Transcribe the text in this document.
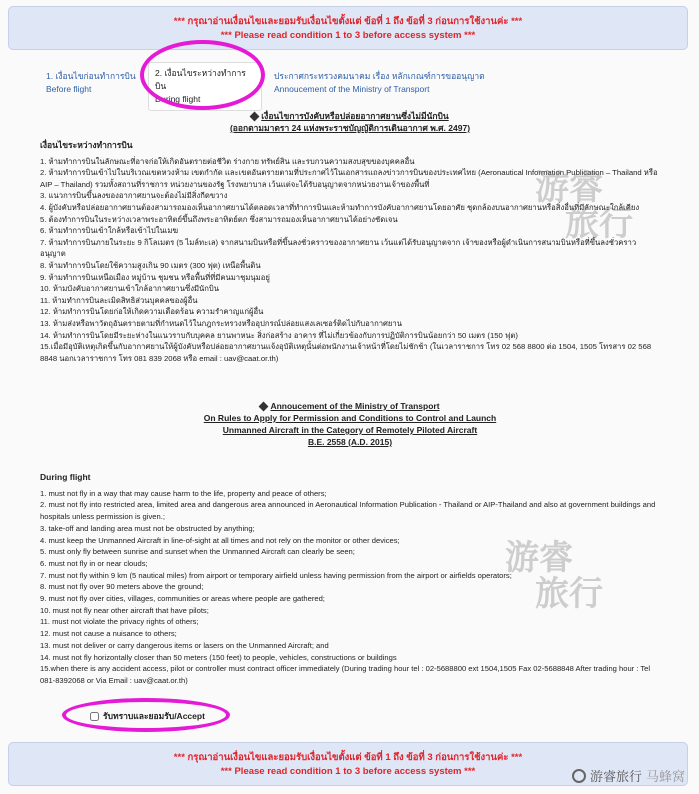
*** กรุณาอ่านเงื่อนไขและยอมรับเงื่อนไขตั้งแต่ ข้อที่ 1 ถึง ข้อที่ 3 ก่อนการใช้งานค่ะ ***
*** Please read condition 1 to 3 before access system ***
1. เงื่อนไขก่อนทำการบิน
Before flight
2. เงื่อนไขระหว่างทำการบิน
During flight
ประกาศกระทรวงคมนาคม เรื่อง หลักเกณฑ์การขออนุญาต
Annoucement of the Ministry of Transport
เงื่อนไขการบังคับหรือปล่อยอากาศยานซึ่งไม่มีนักบิน
(ออกตามมาตรา 24 แห่งพระราชบัญญัติการเดินอากาศ พ.ศ. 2497)
เงื่อนไขระหว่างทำการบิน
1. ห้ามทำการบินในลักษณะที่อาจก่อให้เกิดอันตรายต่อชีวิต ร่างกาย ทรัพย์สิน และรบกวนความสงบสุขของบุคคลอื่น
2. ห้ามทำการบินเข้าไปในบริเวณเขตหวงห้าม เขตกำกัด และเขตอันตรายตามที่ประกาศไว้ในเอกสารแถลงข่าวการบินของประเทศไทย (Aeronautical Information Publication – Thailand หรือ AIP – Thailand) รวมทั้งสถานที่ราชการ หน่วยงานของรัฐ โรงพยาบาล เว้นแต่จะได้รับอนุญาตจากหน่วยงานเจ้าของพื้นที่
3. แนวการบินขึ้นลงของอากาศยานจะต้องไม่มีสิ่งกีดขวาง
4. ผู้บังคับหรือปล่อยอากาศยานต้องสามารถมองเห็นอากาศยานได้ตลอดเวลาที่ทำการบินและห้ามทำการบังคับอากาศยานโดยอาศัย ชุดกล้องบนอากาศยานหรือสิ่งอื่นที่มีลักษณะใกล้เคียง
5. ต้องทำการบินในระหว่างเวลาพระอาทิตย์ขึ้นถึงพระอาทิตย์ตก ซึ่งสามารถมองเห็นอากาศยานได้อย่างชัดเจน
6. ห้ามทำการบินเข้าใกล้หรือเข้าไปในเมฆ
7. ห้ามทำการบินภายในระยะ 9 กิโลเมตร (5 ไมล์ทะเล) จากสนามบินหรือที่ขึ้นลงชั่วคราวของอากาศยาน เว้นแต่ได้รับอนุญาตจาก เจ้าของหรือผู้ดำเนินการสนามบินหรือที่ขึ้นลงชั่วคราวอนุญาต
8. ห้ามทำการบินโดยใช้ความสูงเกิน 90 เมตร (300 ฟุต) เหนือพื้นดิน
9. ห้ามทำการบินเหนือเมือง หมู่บ้าน ชุมชน หรือพื้นที่ที่มีคนมาชุมนุมอยู่
10. ห้ามบังคับอากาศยานเข้าใกล้อากาศยานซึ่งมีนักบิน
11. ห้ามทำการบินละเมิดสิทธิส่วนบุคคลของผู้อื่น
12. ห้ามทำการบินโดยก่อให้เกิดความเดือดร้อน ความรำคาญแก่ผู้อื่น
13. ห้ามส่งหรือพาวัตถุอันตรายตามที่กำหนดไว้ในกฎกระทรวงหรืออุปกรณ์ปล่อยแสงเลเซอร์ติดไปกับอากาศยาน
14. ห้ามทำการบินโดยมีระยะห่างในแนวราบกับบุคคล ยานพาหนะ สิ่งก่อสร้าง อาคาร ที่ไม่เกี่ยวข้องกับการปฏิบัติการบินน้อยกว่า 50 เมตร (150 ฟุต)
15.เมื่อมีอุบัติเหตุเกิดขึ้นกับอากาศยานให้ผู้บังคับหรือปล่อยอากาศยานแจ้งอุบัติเหตุนั้นต่อพนักงานเจ้าหน้าที่โดยไม่ชักช้า (ในเวลาราชการ โทร 02 568 8800 ต่อ 1504, 1505 โทรสาร 02 568 8848 นอกเวลาราชการ โทร 081 839 2068 หรือ email : uav@caat.or.th)
Annoucement of the Ministry of Transport
On Rules to Apply for Permission and Conditions to Control and Launch
Unmanned Aircraft in the Category of Remotely Piloted Aircraft
B.E. 2558 (A.D. 2015)
During flight
1. must not fly in a way that may cause harm to the life, property and peace of others;
2. must not fly into restricted area, limited area and dangerous area announced in Aeronautical Information Publication - Thailand or AIP-Thailand and also at government buildings and hospitals unless permission is given.;
3. take-off and landing area must not be obstructed by anything;
4. must keep the Unmanned Aircraft in line-of-sight at all times and not rely on the monitor or other devices;
5. must only fly between sunrise and sunset when the Unmanned Aircraft can clearly be seen;
6. must not fly in or near clouds;
7. must not fly within 9 km (5 nautical miles) from airport or temporary airfield unless having permission from the airport or airfields operators;
8. must not fly over 90 meters above the ground;
9. must not fly over cities, villages, communities or areas where people are gathered;
10. must not fly near other aircraft that have pilots;
11. must not violate the privacy rights of others;
12. must not cause a nuisance to others;
13. must not deliver or carry dangerous items or lasers on the Unmanned Aircraft; and
14. must not fly horizontally closer than 50 meters (150 feet) to people, vehicles, constructions or buildings
15.when there is any accident access, pilot or controller must contract officer immediately (During trading hour tel : 02-5688800 ext 1504,1505 Fax 02-5688848 After trading hour : Tel 081-8392068 or Via Email : uav@caat.or.th)
รับทราบและยอมรับ/Accept
*** กรุณาอ่านเงื่อนไขและยอมรับเงื่อนไขตั้งแต่ ข้อที่ 1 ถึง ข้อที่ 3 ก่อนการใช้งานค่ะ ***
*** Please read condition 1 to 3 before access system ***
游睿
旅行
游睿
旅行
游睿旅行 马蜂窝
